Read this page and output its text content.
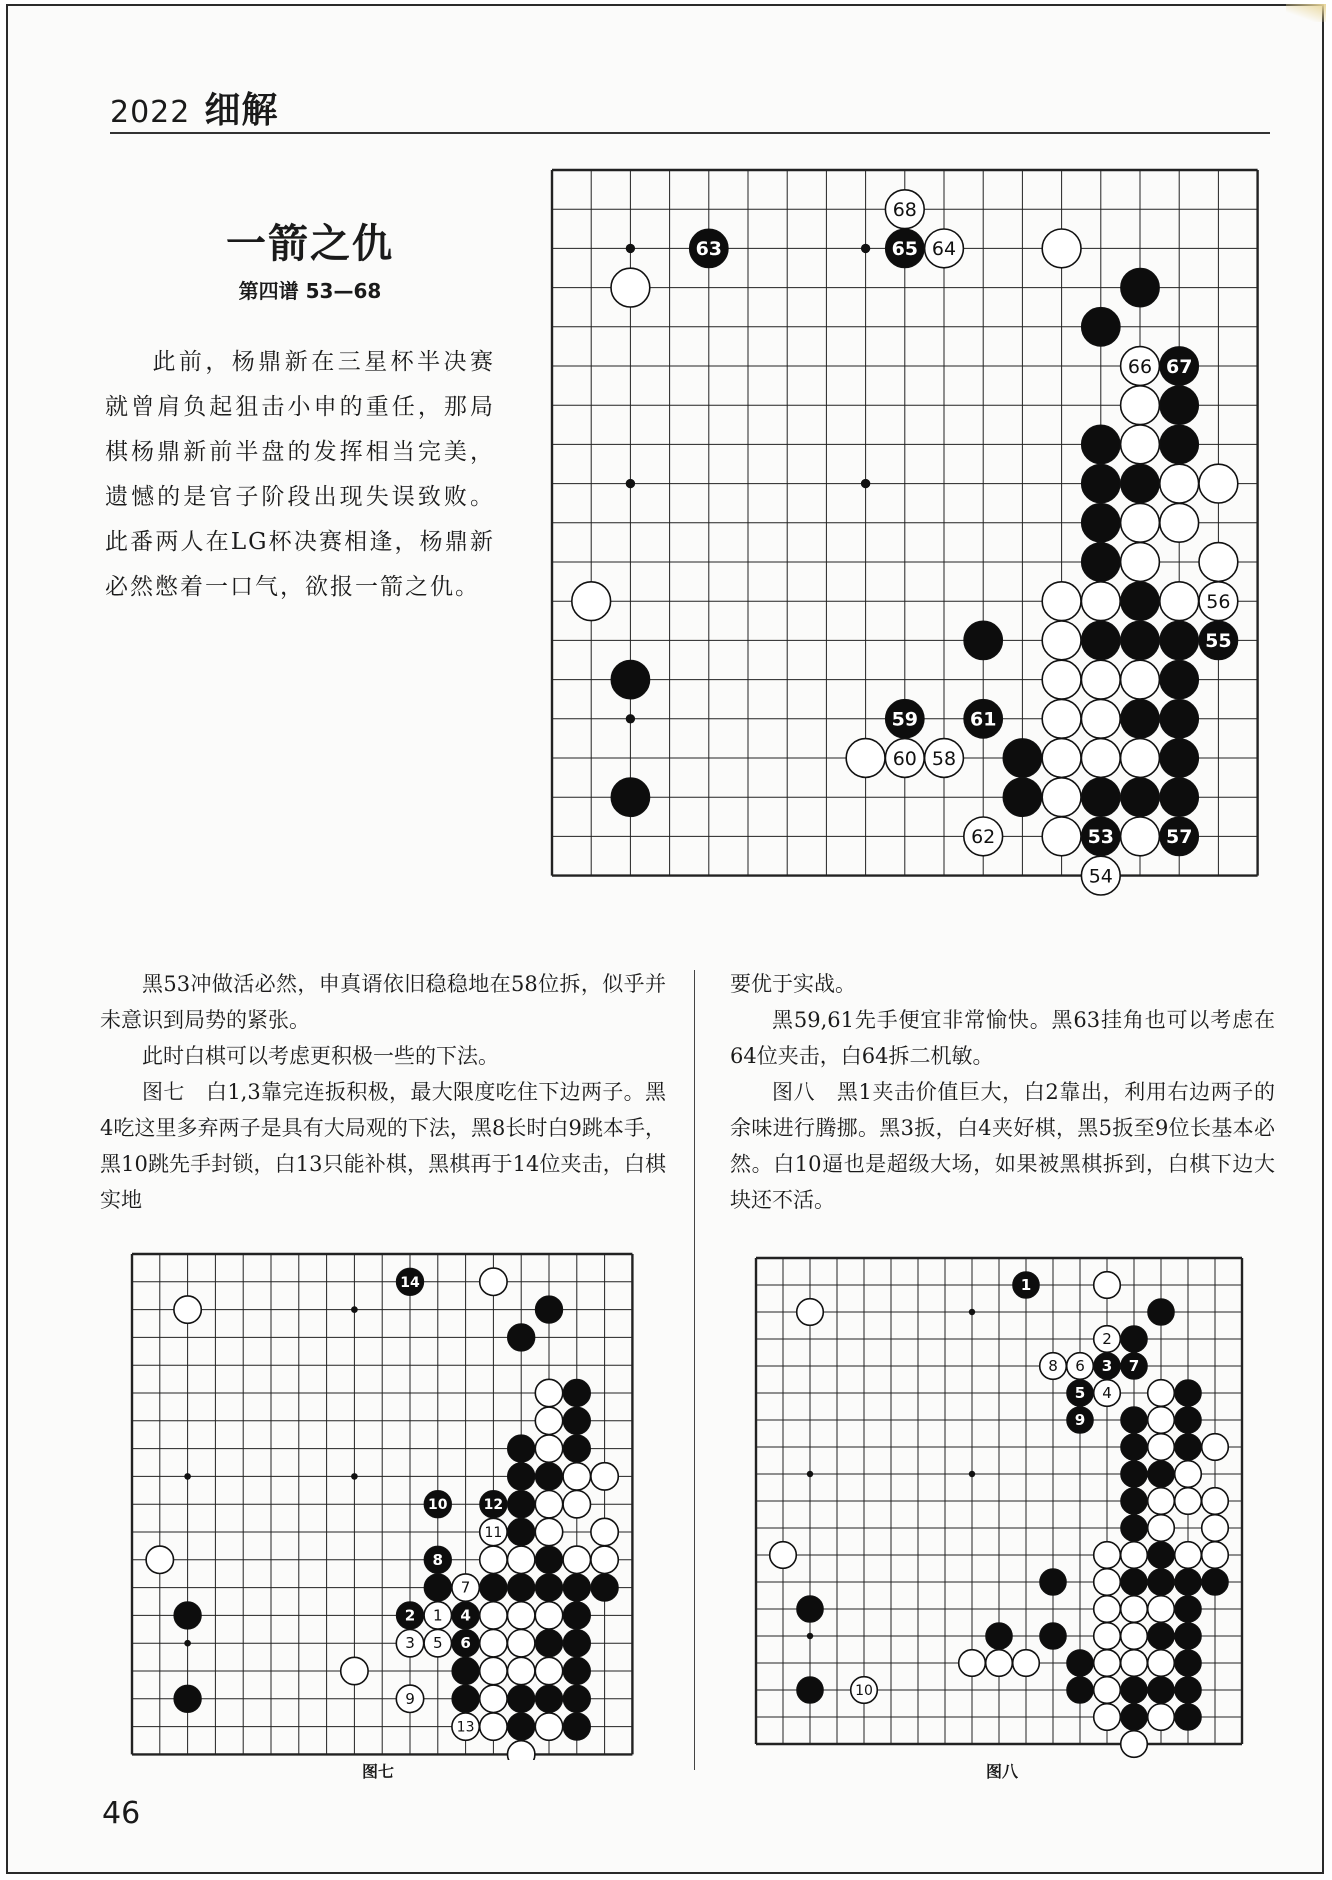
2022 细解
一箭之仇
第四谱 53—68
此前，杨鼎新在三星杯半决赛就曾肩负起狙击小申的重任，那局棋杨鼎新前半盘的发挥相当完美，遗憾的是官子阶段出现失误致败。此番两人在LG杯决赛相逢，杨鼎新必然憋着一口气，欲报一箭之仇。
68
63	65 64
66 67
56
55
59	61
60 58
62	53	57
54

黑53冲做活必然，申真谞依旧稳稳地在58位拆，似乎并未意识到局势的紧张。

此时白棋可以考虑更积极一些的下法。

图七　白1,3靠完连扳积极，最大限度吃住下边两子。黑4吃这里多弃两子是具有大局观的下法，黑8长时白9跳本手，黑10跳先手封锁，白13只能补棋，黑棋再于14位夹击，白棋实地

要优于实战。

黑59,61先手便宜非常愉快。黑63挂角也可以考虑在64位夹击，白64拆二机敏。

图八　黑1夹击价值巨大，白2靠出，利用右边两子的余味进行腾挪。黑3扳，白4夹好棋，黑5扳至9位长基本必然。白10逼也是超级大场，如果被黑棋拆到，白棋下边大块还不活。

14
10	12
11
8
7
2 1 4
3 5 6
9
13
图七
1
2
8 6 3 7
5 4
9
10
图八
46
